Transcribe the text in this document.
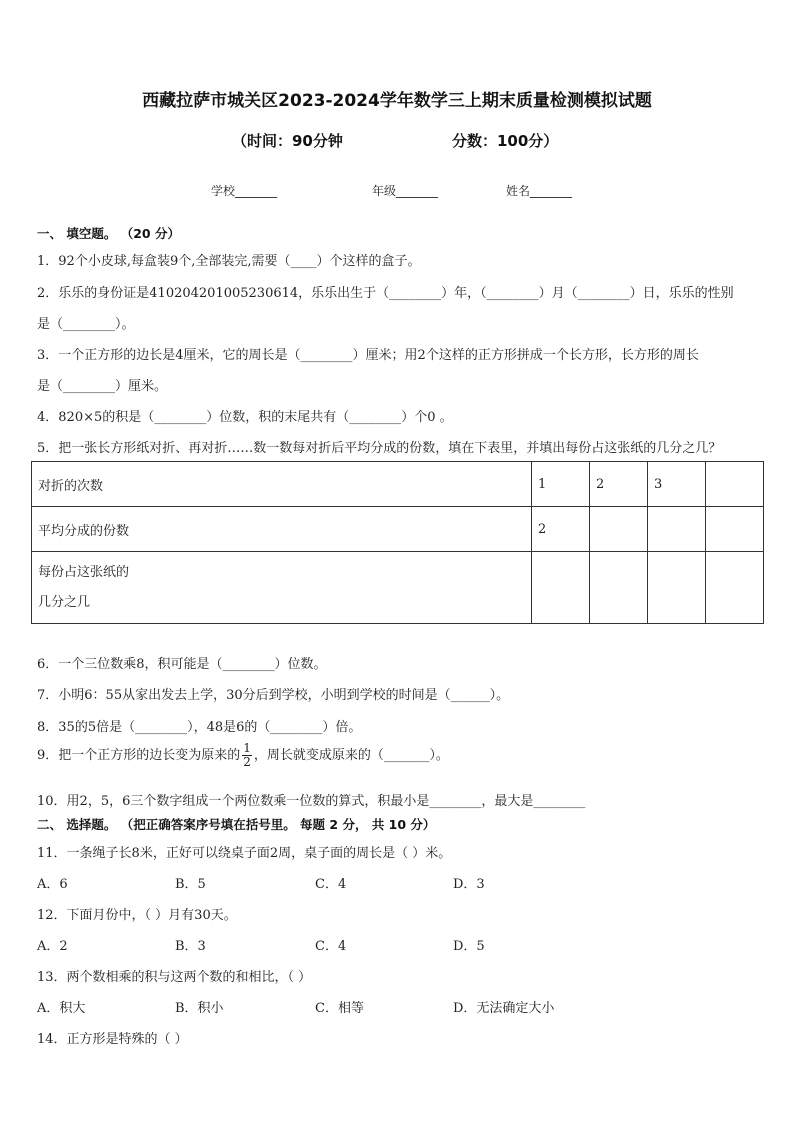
西藏拉萨市城关区2023-2024学年数学三上期末质量检测模拟试题
（时间：90分钟	分数：100分）
学校_______	年级_______	姓名_______
一、 填空题。 （20 分）
1．92个小皮球,每盒装9个,全部装完,需要（____）个这样的盒子。
2．乐乐的身份证是410204201005230614，乐乐出生于（________）年，（________）月（________）日，乐乐的性别
是（________）。
3．一个正方形的边长是4厘米，它的周长是（________）厘米；用2个这样的正方形拼成一个长方形，长方形的周长
是（________）厘米。
4．820×5的积是（________）位数，积的末尾共有（________）个0 。
5．把一张长方形纸对折、再对折……数一数每对折后平均分成的份数，填在下表里，并填出每份占这张纸的几分之几？
对折的次数	1	2	3	
平均分成的份数	2			

每份占这张纸的
几分之几				

6．一个三位数乘8，积可能是（________）位数。
7．小明6：55从家出发去上学，30分后到学校，小明到学校的时间是（______）。
8．35的5倍是（________），48是6的（________）倍。
9．把一个正方形的边长变为原来的 $\frac{1}{2}$ ，周长就变成原来的（_______）。
10．用2，5，6三个数字组成一个两位数乘一位数的算式，积最小是________，最大是________
二、 选择题。 （把正确答案序号填在括号里。 每题 2 分， 共 10 分）
11．一条绳子长8米，正好可以绕桌子面2周，桌子面的周长是（ ）米。
A．6	B．5	C．4	D．3
12．下面月份中，（ ）月有30天。
A．2	B．3	C．4	D．5
13．两个数相乘的积与这两个数的和相比，（ ）
A．积大	B．积小	C．相等	D．无法确定大小
14．正方形是特殊的（ ）
